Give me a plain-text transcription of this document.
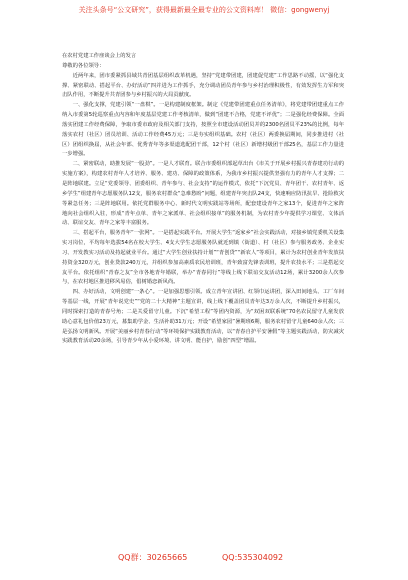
关注头条号“公文研究”，获得最新最全最专业的公文资料库！ 微信：gongwenyj
在农村党建工作座谈会上的发言
尊敬的各位领导：

近两年来，团市委紧抓县域共青团基层组织改革机遇，坚持“党建带团建，团建促党建”工作思路不动摇，以“强化支撑、紧密联动、搭起平台、办好活动”四并进为工作抓手，充分调动团员青年参与乡村治理积极性，有效发挥生力军和突击队作用，不断提升共青团参与乡村振兴的大局贡献度。

一、强化支撑，党建引领“一盘棋”。一是构建制度框架。制定《党建带团建重点任务清单》，将党建带团建重点工作纳入市委第5轮巡察重点内容和年度基层党建工作考核清单，做到“团建不合格，党建不评优”；二是强化经费保障。全面落实团建工作经费保障，争取市委市政府及相关部门支持，按照全市建设活动团员并的2300名团员平23%的比例，每年落实农村（社区）团员培训、活动工作经费45万元；三是夯实组织基础。农村（社区）两委换届期间，同步推进村（社区）团组织换届，从社会年部、优秀青年等多渠道选配团干部，12个村（社区）新增村级团干部25名，基层工作力量进一步增强。

二、紧密联动，助推发展“一股劲”。一是人才联育。联合市委组织部起草出台《市关于开展乡村振兴青春建功行动的实施方案》，构建农村青年人才培养、服务、建功、保障的政策体系，为我市乡村振兴提供坚强有力的青年人才支撑；二是阵地联建。立足“党委领导、团委组织、青年参与、社会支持”的运作模式，依托“下沉党员、青年团干、农村青年、返乡学生”组建青年志愿服务队12支，服务农村群众“急难愁盼”问题，组建青年突击队24支，快速响应防汛抗旱、抢险救灾等紧急任务；三是阵地联用。依托党群服务中心、新时代文明实践站等场所，配套建设青年之家13个，促进青年之家阵地向社会组织入驻，形成“青年点单、青年之家派单、社会组织接单”的服务机制，为农村青少年提供学习课堂、文体活动、联谊交友、青年之家等丰富服务。

三、搭起平台，服务青年“一张网”。一是搭起实践平台。开展大学生“返家乡”社会实践活动，对接乡镇党委机关设集实习岗位，平均每年选拔54名在校大学生、4支大学生志愿服务队就近到镇（街道）、村（社区）参与服务政务、企业实习、开发教实习活动及持起就业平台。通过“大学生创业扶持计划”“青创贷”“新农人”等项目，累计为农村创业青年发放扶持资金320万元，创业贷款240万元，并组织参加高素质农民培训班，青年致富先锋表训班，提升农技水平；三是搭起交友平台。依托组织“青春之友”全市各地青年婚联，举办“青春同行”等线上线下联谊交友活动12场，累计3200余人次参与，在农村地区推进移风易俗，倡树婚恋新风尚。

四、办好活动，文明创建“一条心”。一是加强思想引领。成立青年宣讲团、红领巾运讲团，深入田间地头、工厂车间等基层一线，开展“青年说党史”“党的二十大精神”主题宣讲，线上线下覆盖团员青年达3万余人次，不断提升乡村振兴，同时探索打造的青春号角；二是关爱留守儿童。下沉“希望工程”等团内资源，为“双困双联系统”70名农民留守儿童发放助心意礼包价值23万元，募集助学金、生活补助31万元；开设“希望家园”暑期班6期，服务农村留守儿童640余人次；三是弘扬文明新风。开展“美丽乡村青春行动”等环境保护实践教育活动，以“青春自护平安暑假”等主题实践活动，防灾减灾实践教育活动20余场，引导青少年从小爱环境、讲文明、能自护，励创“四型”增温。

QQ群：30265665	QQ:535304092
